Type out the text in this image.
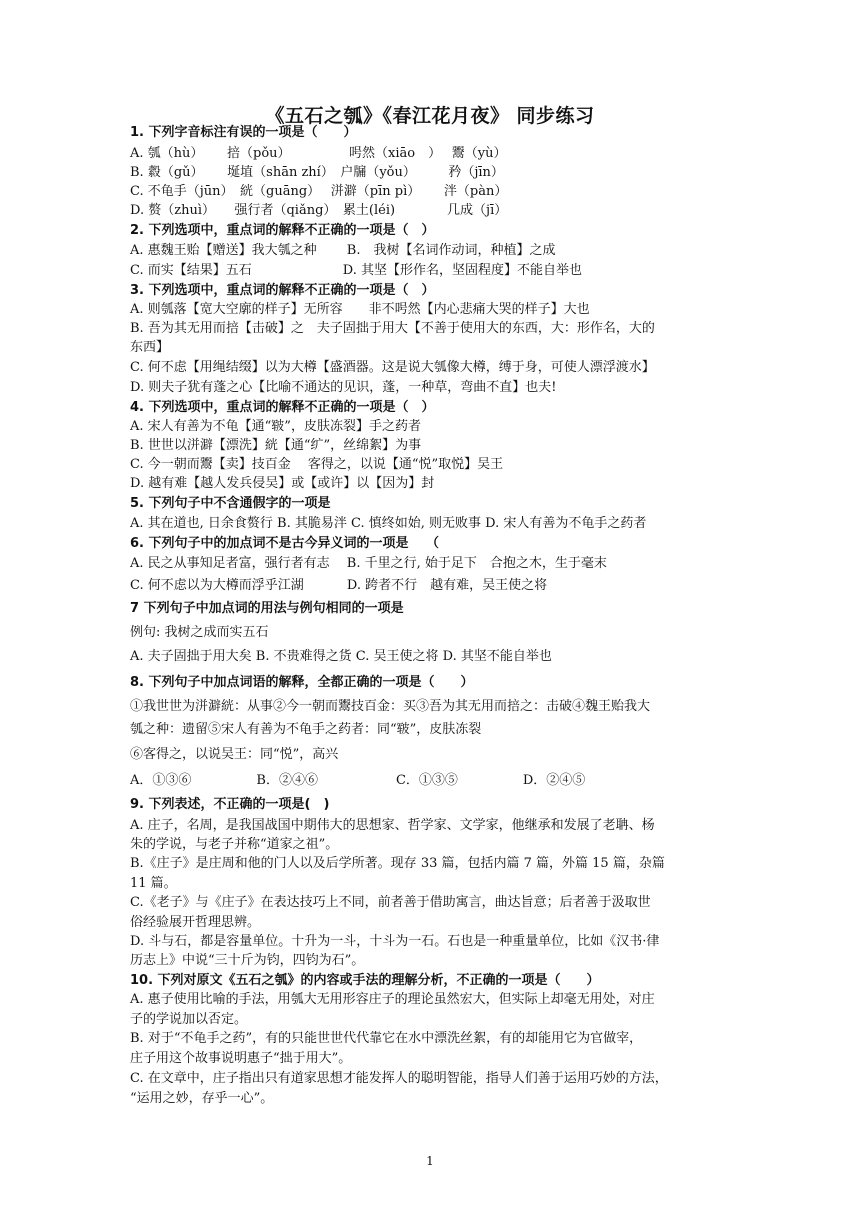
《五石之瓠》《春江花月夜》 同步练习
1. 下列字音标注有误的一项是（　　）
A. 瓠（hù）　　 掊（pǒu）　　　　　呺然（xiāo　）　 鬻（yù）
B. 縠（gǔ）　　 埏埴（shān zhí）　户牖（yǒu）　　　矜（jīn）
C. 不龟手（jūn）　絖（guāng）　 洴澼（pīn pì）　　 泮（pàn）
D. 赘（zhuì）　　强行者（qiǎng）　累土(léi)　　　　几成（jī）
2. 下列选项中，重点词的解释不正确的一项是（　）
A. 惠魏王贻【赠送】我大瓠之种　　 B.　我树【名词作动词，种植】之成
C. 而实【结果】五石　　　　　　　D. 其坚【形作名，坚固程度】不能自举也
3. 下列选项中，重点词的解释不正确的一项是（　）
A. 则瓠落【宽大空廓的样子】无所容　　非不呺然【内心悲痛大哭的样子】大也
B. 吾为其无用而掊【击破】之　夫子固拙于用大【不善于使用大的东西，大：形作名，大的
东西】
C. 何不虑【用绳结缀】以为大樽【盛酒器。这是说大瓠像大樽，缚于身，可使人漂浮渡水】
D. 则夫子犹有蓬之心【比喻不通达的见识，蓬，一种草，弯曲不直】也夫!
4. 下列选项中，重点词的解释不正确的一项是（　）
A. 宋人有善为不龟【通“皲”，皮肤冻裂】手之药者
B. 世世以洴澼【漂洗】絖【通“纩”，丝绵絮】为事
C. 今一朝而鬻【卖】技百金　 客得之，以说【通“悦”取悦】吴王
D. 越有难【越人发兵侵吴】或【或许】以【因为】封
5. 下列句子中不含通假字的一项是
A. 其在道也, 日余食赘行 B. 其脆易泮 C. 慎终如始, 则无败事 D. 宋人有善为不龟手之药者
6. 下列句子中的加点词不是古今异义词的一项是　 （
A. 民之从事知足者富，强行者有志　 B. 千里之行, 始于足下　合抱之木，生于毫末
C. 何不虑以为大樽而浮乎江湖　　　 D. 跨者不行　越有难，吴王使之将
7 下列句子中加点词的用法与例句相同的一项是
例句: 我树之成而实五石
A. 夫子固拙于用大矣 B. 不贵难得之货 C. 吴王使之将 D. 其坚不能自举也
8. 下列句子中加点词语的解释，全都正确的一项是（　　）
①我世世为洴澼絖：从事②今一朝而鬻技百金：买③吾为其无用而掊之：击破④魏王贻我大
瓠之种：遗留⑤宋人有善为不龟手之药者：同“皲”，皮肤冻裂
⑥客得之，以说吴王：同“悦”，高兴
A．①③⑥　　　　　B．②④⑥　　　　　　C．①③⑤　　　　　D．②④⑤
9. 下列表述，不正确的一项是(　)
A. 庄子，名周，是我国战国中期伟大的思想家、哲学家、文学家，他继承和发展了老聃、杨
朱的学说，与老子并称“道家之祖”。
B.《庄子》是庄周和他的门人以及后学所著。现存 33 篇，包括内篇 7 篇，外篇 15 篇，杂篇
11 篇。
C.《老子》与《庄子》在表达技巧上不同，前者善于借助寓言，曲达旨意；后者善于汲取世
俗经验展开哲理思辨。
D. 斗与石，都是容量单位。十升为一斗，十斗为一石。石也是一种重量单位，比如《汉书·律
历志上》中说“三十斤为钧，四钧为石”。
10. 下列对原文《五石之瓠》的内容或手法的理解分析，不正确的一项是（　　）
A. 惠子使用比喻的手法，用瓠大无用形容庄子的理论虽然宏大，但实际上却毫无用处，对庄
子的学说加以否定。
B. 对于“不龟手之药”，有的只能世世代代靠它在水中漂洗丝絮，有的却能用它为官做宰，
庄子用这个故事说明惠子“拙于用大”。
C. 在文章中，庄子指出只有道家思想才能发挥人的聪明智能，指导人们善于运用巧妙的方法，
“运用之妙，存乎一心”。
1
